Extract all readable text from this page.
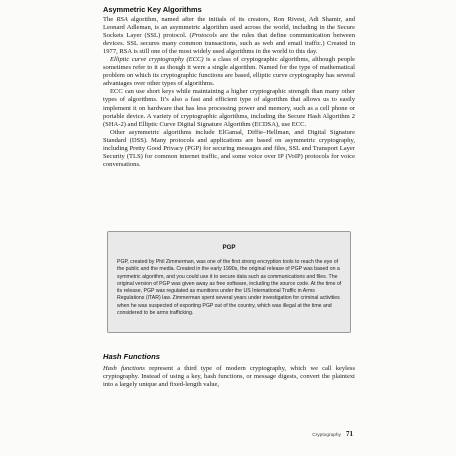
Asymmetric Key Algorithms

The RSA algorithm, named after the initials of its creators, Ron Rivest, Adi Shamir, and Leonard Adleman, is an asymmetric algorithm used across the world, including in the Secure Sockets Layer (SSL) protocol. (Protocols are the rules that define communication between devices. SSL secures many common transactions, such as web and email traffic.) Created in 1977, RSA is still one of the most widely used algorithms in the world to this day.

Elliptic curve cryptography (ECC) is a class of cryptographic algorithms, although people sometimes refer to it as though it were a single algorithm. Named for the type of mathematical problem on which its cryptographic functions are based, elliptic curve cryptography has several advantages over other types of algorithms.

ECC can use short keys while maintaining a higher cryptographic strength than many other types of algorithms. It’s also a fast and efficient type of algorithm that allows us to easily implement it on hardware that has less processing power and memory, such as a cell phone or portable device. A variety of cryptographic algorithms, including the Secure Hash Algorithm 2 (SHA-2) and Elliptic Curve Digital Signature Algorithm (ECDSA), use ECC.

Other asymmetric algorithms include ElGamal, Diffie–Hellman, and Digital Signature Standard (DSS). Many protocols and applications are based on asymmetric cryptography, including Pretty Good Privacy (PGP) for securing messages and files, SSL and Transport Layer Security (TLS) for common internet traffic, and some voice over IP (VoIP) protocols for voice conversations.

PGP

PGP, created by Phil Zimmerman, was one of the first strong encryption tools to reach the eye of the public and the media. Created in the early 1990s, the original release of PGP was based on a symmetric algorithm, and you could use it to secure data such as communications and files. The original version of PGP was given away as free software, including the source code. At the time of its release, PGP was regulated as munitions under the US International Traffic in Arms Regulations (ITAR) law. Zimmerman spent several years under investigation for criminal activities when he was suspected of exporting PGP out of the country, which was illegal at the time and considered to be arms trafficking.

Hash Functions

Hash functions represent a third type of modern cryptography, which we call keyless cryptography. Instead of using a key, hash functions, or message digests, convert the plaintext into a largely unique and fixed-length value,

Cryptography 71
